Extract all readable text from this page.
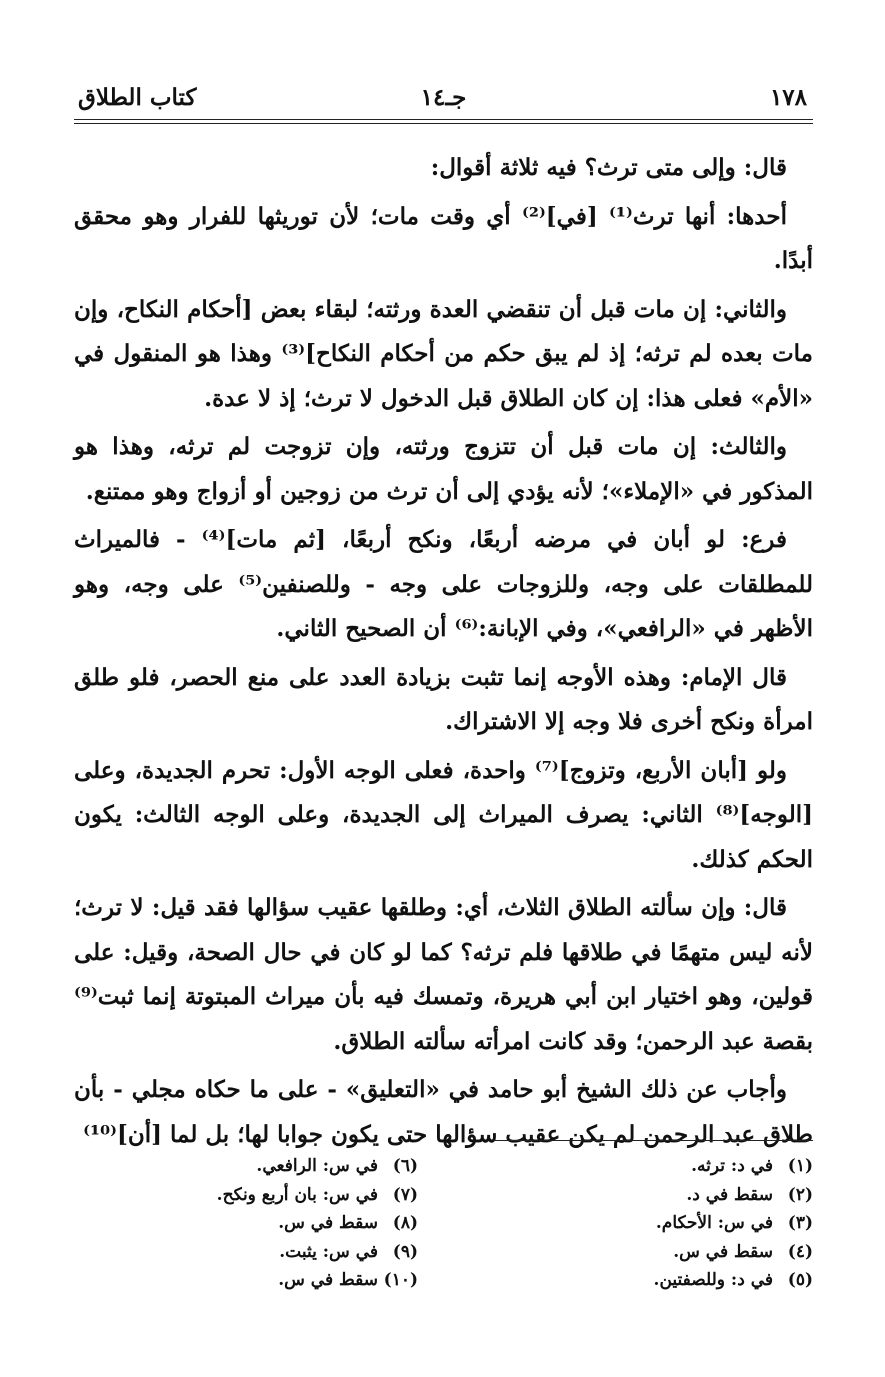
١٧٨
جـ١٤
كتاب الطلاق

قال: وإلى متى ترث؟ فيه ثلاثة أقوال:

أحدها: أنها ترث⁽¹⁾ [في]⁽²⁾ أي وقت مات؛ لأن توريثها للفرار وهو محقق أبدًا.

والثاني: إن مات قبل أن تنقضي العدة ورثته؛ لبقاء بعض [أحكام النكاح، وإن مات بعده لم ترثه؛ إذ لم يبق حكم من أحكام النكاح]⁽³⁾ وهذا هو المنقول في «الأم» فعلى هذا: إن كان الطلاق قبل الدخول لا ترث؛ إذ لا عدة.

والثالث: إن مات قبل أن تتزوج ورثته، وإن تزوجت لم ترثه، وهذا هو المذكور في «الإملاء»؛ لأنه يؤدي إلى أن ترث من زوجين أو أزواج وهو ممتنع.

فرع: لو أبان في مرضه أربعًا، ونكح أربعًا، [ثم مات]⁽⁴⁾ - فالميراث للمطلقات على وجه، وللزوجات على وجه - وللصنفين⁽⁵⁾ على وجه، وهو الأظهر في «الرافعي»، وفي الإبانة:⁽⁶⁾ أن الصحيح الثاني.

قال الإمام: وهذه الأوجه إنما تثبت بزيادة العدد على منع الحصر، فلو طلق امرأة ونكح أخرى فلا وجه إلا الاشتراك.

ولو [أبان الأربع، وتزوج]⁽⁷⁾ واحدة، فعلى الوجه الأول: تحرم الجديدة، وعلى [الوجه]⁽⁸⁾ الثاني: يصرف الميراث إلى الجديدة، وعلى الوجه الثالث: يكون الحكم كذلك.

قال: وإن سألته الطلاق الثلاث، أي: وطلقها عقيب سؤالها فقد قيل: لا ترث؛ لأنه ليس متهمًا في طلاقها فلم ترثه؟ كما لو كان في حال الصحة، وقيل: على قولين، وهو اختيار ابن أبي هريرة، وتمسك فيه بأن ميراث المبتوتة إنما ثبت⁽⁹⁾ بقصة عبد الرحمن؛ وقد كانت امرأته سألته الطلاق.

وأجاب عن ذلك الشيخ أبو حامد في «التعليق» - على ما حكاه مجلي - بأن طلاق عبد الرحمن لم يكن عقيب سؤالها حتى يكون جوابا لها؛ بل لما [أن]⁽¹⁰⁾

(١)في د: ترثه.
(٢)سقط في د.
(٣)في س: الأحكام.
(٤)سقط في س.
(٥)في د: وللصفتين.
(٦)في س: الرافعي.
(٧)في س: بان أربع ونكح.
(٨)سقط في س.
(٩)في س: يثبت.
(١٠)سقط في س.
